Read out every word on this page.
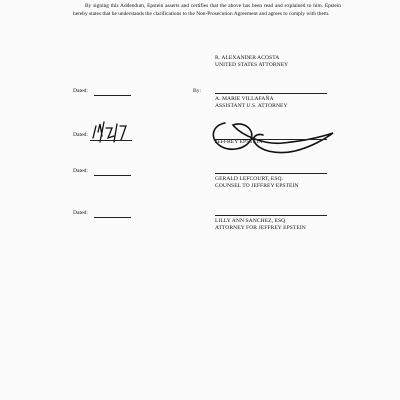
By signing this Addendum, Epstein asserts and certifies that the above has been read and explained to him. Epstein hereby states that he understands the clarifications to the Non-Prosecution Agreement and agrees to comply with them.
R. ALEXANDER ACOSTA
UNITED STATES ATTORNEY
Dated:	By:
A. MARIE VILLAFAÑA
ASSISTANT U.S. ATTORNEY
Dated:
JEFFREY EPSTEIN
Dated:
GERALD LEFCOURT, ESQ.
COUNSEL TO JEFFREY EPSTEIN
Dated:
LILLY ANN SANCHEZ, ESQ.
ATTORNEY FOR JEFFREY EPSTEIN
